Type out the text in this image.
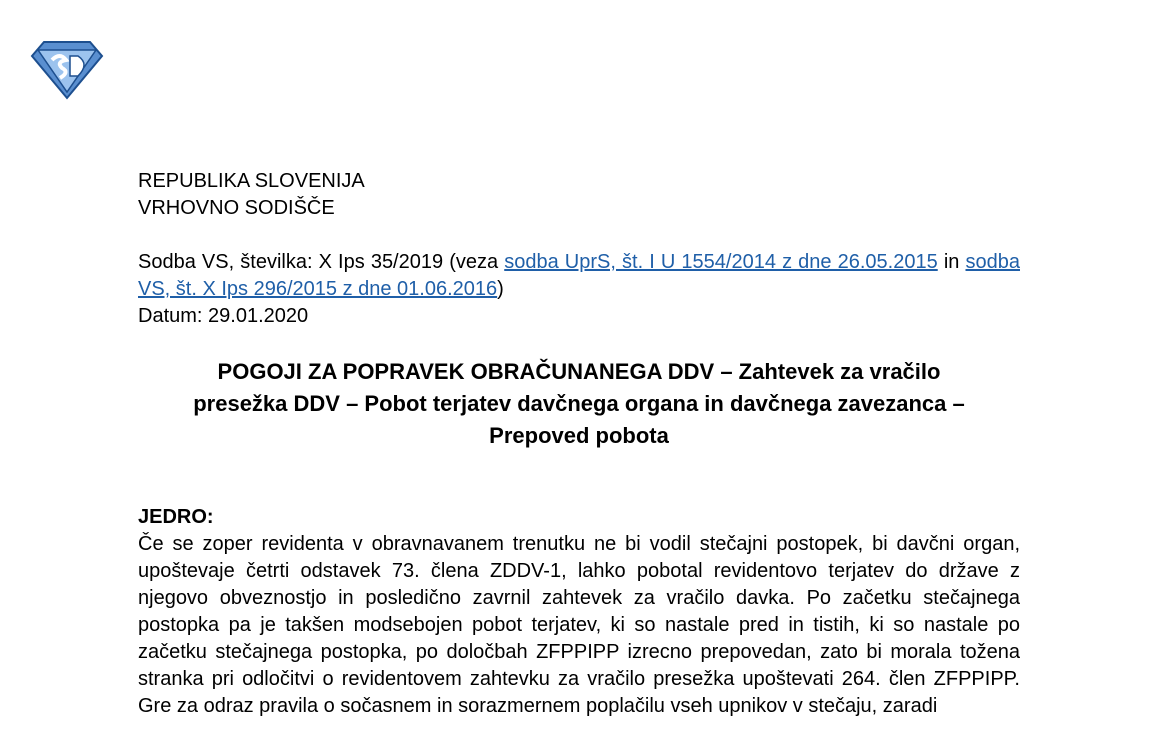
REPUBLIKA SLOVENIJA

VRHOVNO SODIŠČE

Sodba VS, številka: X Ips 35/2019 (veza sodba UprS, št. I U 1554/2014 z dne 26.05.2015 in sodba VS, št. X Ips 296/2015 z dne 01.06.2016)
Datum: 29.01.2020
POGOJI ZA POPRAVEK OBRAČUNANEGA DDV – Zahtevek za vračilo presežka DDV – Pobot terjatev davčnega organa in davčnega zavezanca – Prepoved pobota
JEDRO:

Če se zoper revidenta v obravnavanem trenutku ne bi vodil stečajni postopek, bi davčni organ, upoštevaje četrti odstavek 73. člena ZDDV-1, lahko pobotal revidentovo terjatev do države z njegovo obveznostjo in posledično zavrnil zahtevek za vračilo davka. Po začetku stečajnega postopka pa je takšen modsebojen pobot terjatev, ki so nastale pred in tistih, ki so nastale po začetku stečajnega postopka, po določbah ZFPPIPP izrecno prepovedan, zato bi morala tožena stranka pri odločitvi o revidentovem zahtevku za vračilo presežka upoštevati 264. člen ZFPPIPP. Gre za odraz pravila o sočasnem in sorazmernem poplačilu vseh upnikov v stečaju, zaradi
